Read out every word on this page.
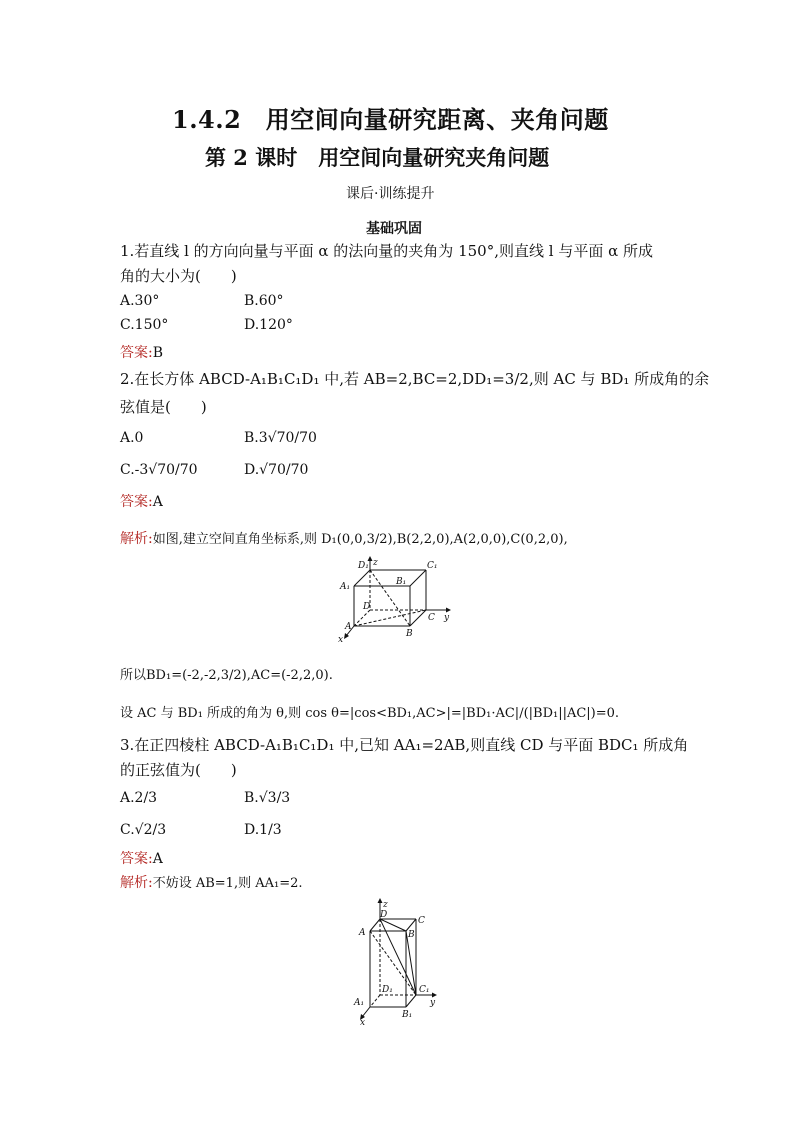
1.4.2　用空间向量研究距离、夹角问题
第 2 课时　用空间向量研究夹角问题
课后·训练提升
基础巩固
1.若直线 l 的方向向量与平面 α 的法向量的夹角为 150°,则直线 l 与平面 α 所成
角的大小为(　　)
A.30°	B.60°
C.150°	D.120°
答案:B
2.在长方体 ABCD-A₁B₁C₁D₁ 中,若 AB=2,BC=2,DD₁=3/2,则 AC 与 BD₁ 所成角的余
弦值是(　　)
A.0	B.3√70/70
C.-3√70/70	D.√70/70
答案:A
解析:如图,建立空间直角坐标系,则 D₁(0,0,3/2),B(2,2,0),A(2,0,0),C(0,2,0),
z
D₁	C₁
A₁	B₁
D
A
B
C y
x
所以BD₁=(-2,-2,3/2),AC=(-2,2,0).
设 AC 与 BD₁ 所成的角为 θ,则 cos θ=|cos<BD₁,AC>|=|BD₁·AC|/(|BD₁||AC|)=0.
3.在正四棱柱 ABCD-A₁B₁C₁D₁ 中,已知 AA₁=2AB,则直线 CD 与平面 BDC₁ 所成角
的正弦值为(　　)
A.2/3	B.√3/3
C.√2/3	D.1/3
答案:A
解析:不妨设 AB=1,则 AA₁=2.
z
D
C
A	B
D₁	C₁
A₁
B₁
y
x
